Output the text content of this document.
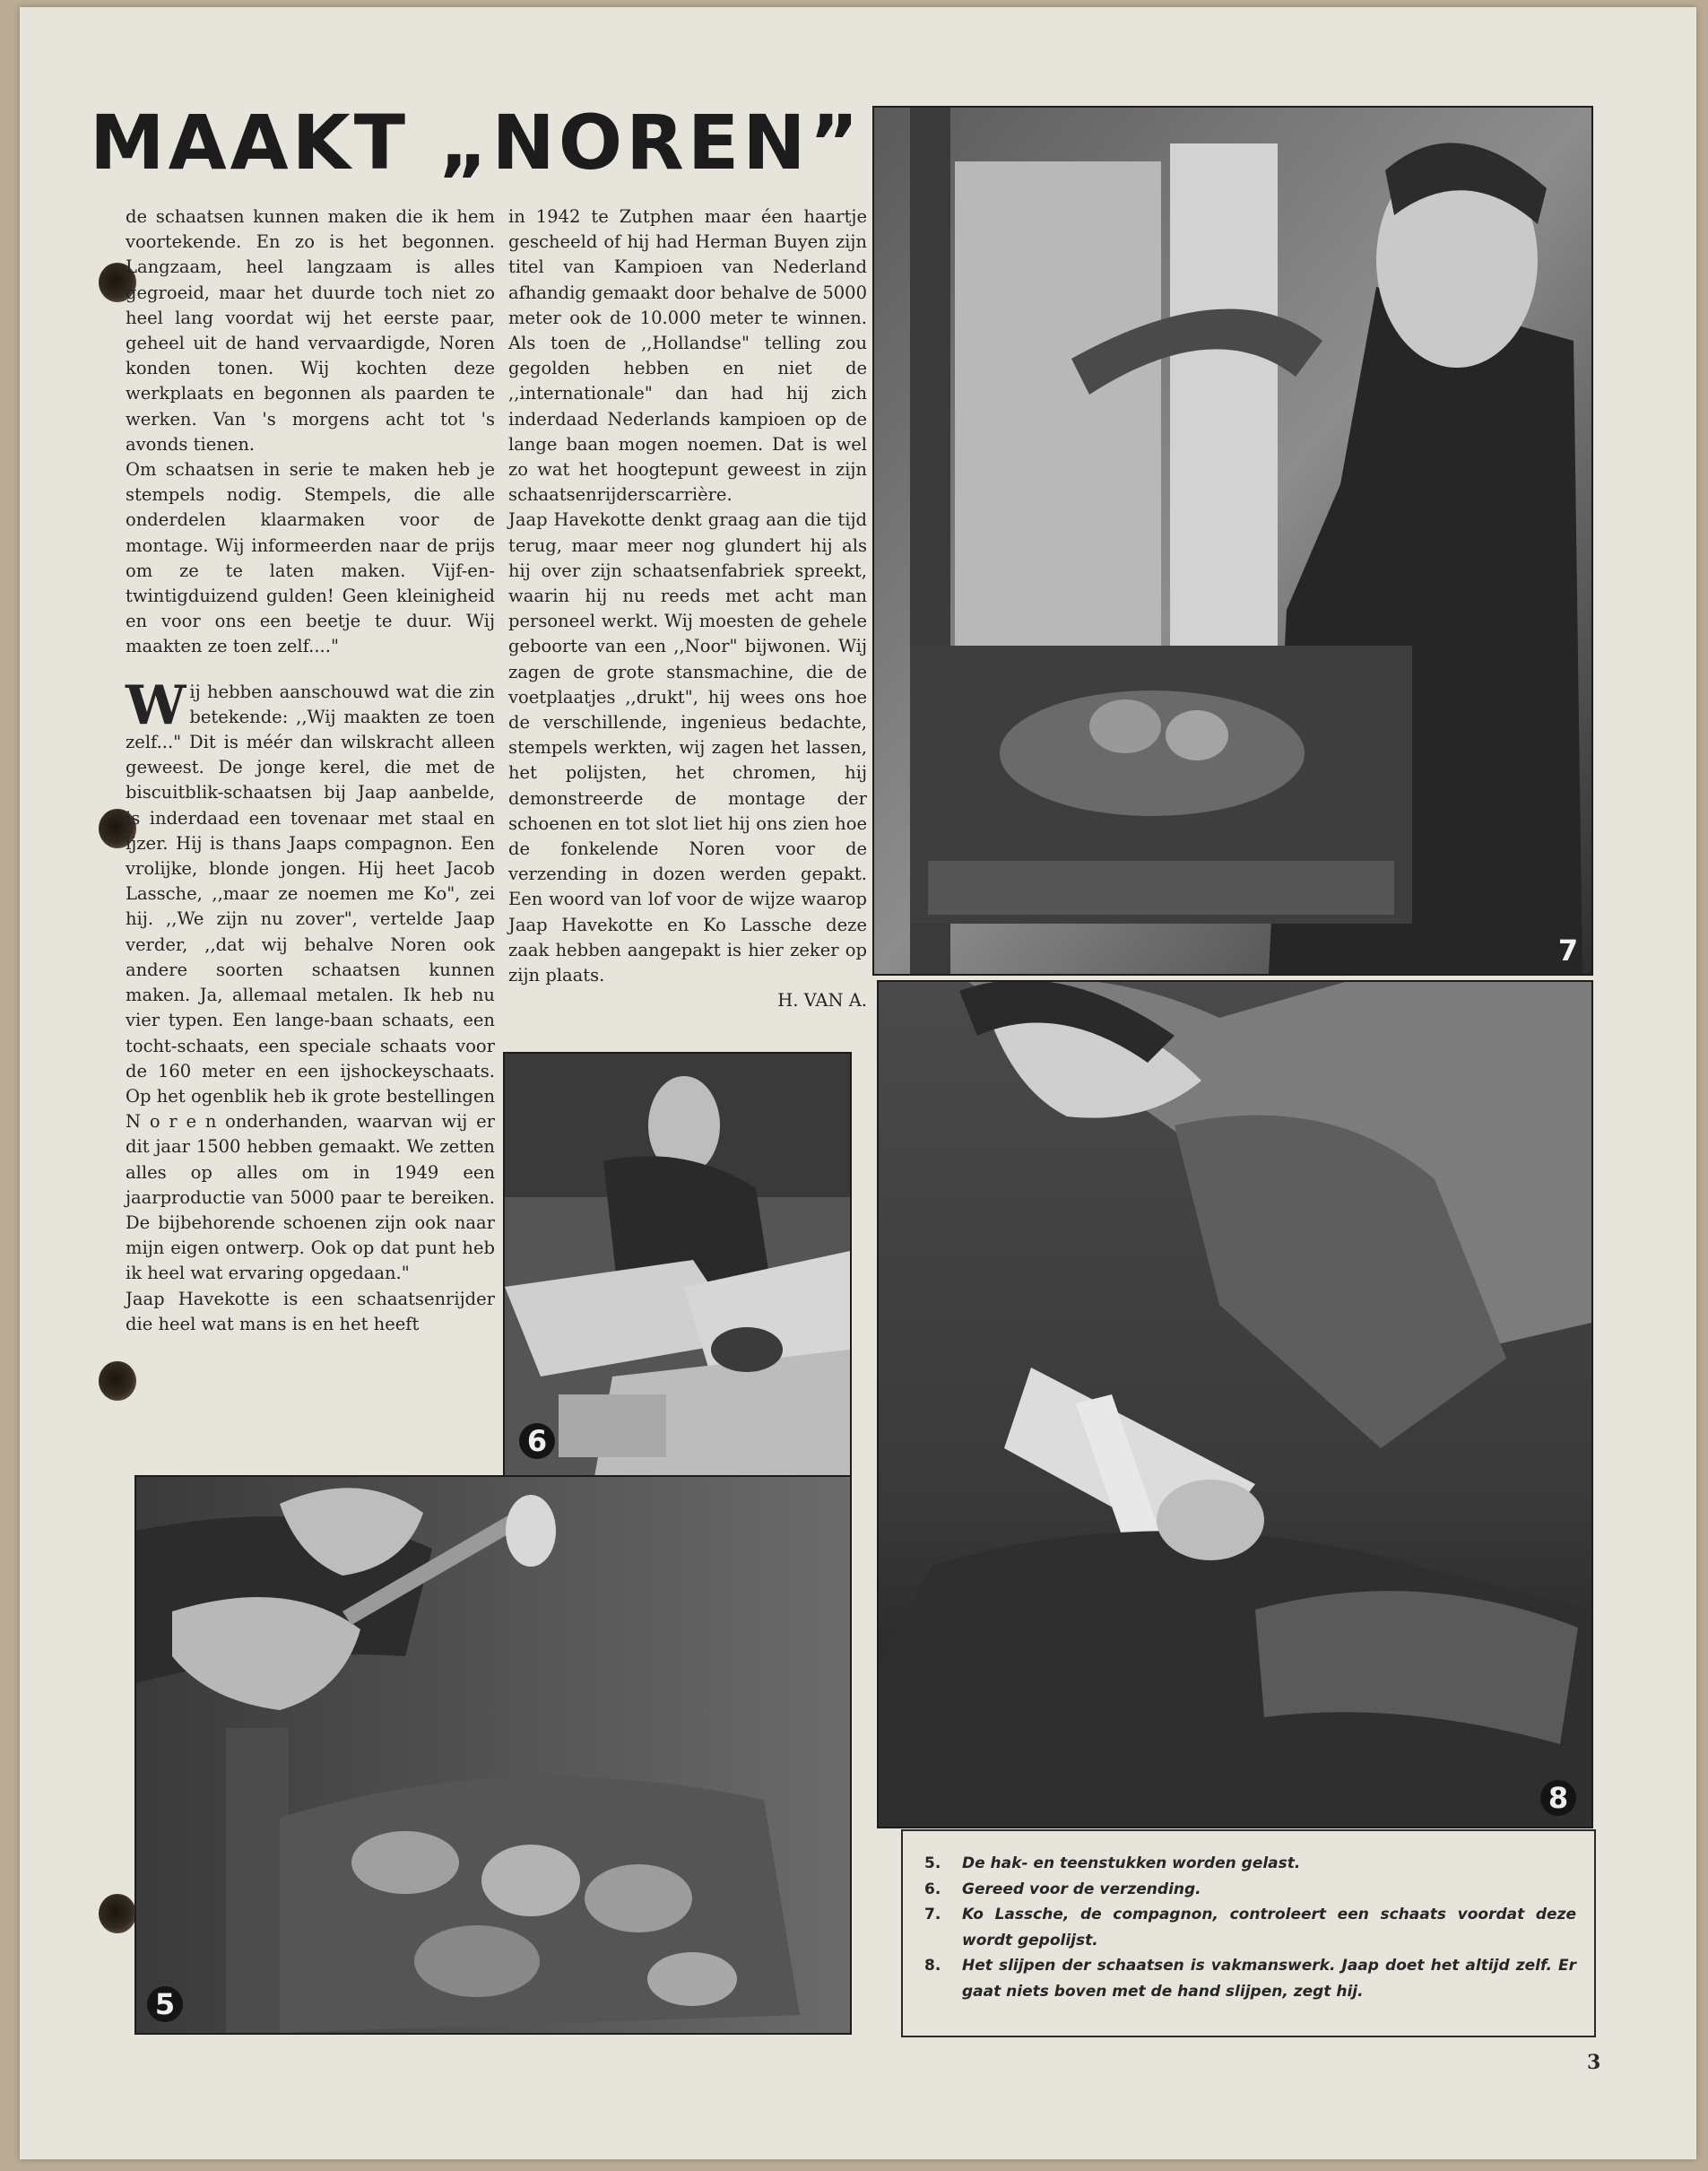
MAAKT „NOREN”

de schaatsen kunnen maken die ik hem voortekende. En zo is het begonnen. Langzaam, heel langzaam is alles gegroeid, maar het duurde toch niet zo heel lang voordat wij het eerste paar, geheel uit de hand vervaardigde, Noren konden tonen. Wij kochten deze werkplaats en begonnen als paarden te werken. Van 's morgens acht tot 's avonds tienen.

Om schaatsen in serie te maken heb je stempels nodig. Stempels, die alle onderdelen klaarmaken voor de montage. Wij informeerden naar de prijs om ze te laten maken. Vijf-en-twintigduizend gulden! Geen kleinigheid en voor ons een beetje te duur. Wij maakten ze toen zelf...."

Wij hebben aanschouwd wat die zin betekende: ,,Wij maakten ze toen zelf..." Dit is méér dan wilskracht alleen geweest. De jonge kerel, die met de biscuitblik-schaatsen bij Jaap aanbelde, is inderdaad een tovenaar met staal en ijzer. Hij is thans Jaaps compagnon. Een vrolijke, blonde jongen. Hij heet Jacob Lassche, ,,maar ze noemen me Ko", zei hij. ,,We zijn nu zover", vertelde Jaap verder, ,,dat wij behalve Noren ook andere soorten schaatsen kunnen maken. Ja, allemaal metalen. Ik heb nu vier typen. Een lange-baan schaats, een tocht-schaats, een speciale schaats voor de 160 meter en een ijshockeyschaats. Op het ogenblik heb ik grote bestellingen N o r e n onderhanden, waarvan wij er dit jaar 1500 hebben gemaakt. We zetten alles op alles om in 1949 een jaarproductie van 5000 paar te bereiken. De bijbehorende schoenen zijn ook naar mijn eigen ontwerp. Ook op dat punt heb ik heel wat ervaring opgedaan."

Jaap Havekotte is een schaatsenrijder die heel wat mans is en het heeft

in 1942 te Zutphen maar éen haartje gescheeld of hij had Herman Buyen zijn titel van Kampioen van Nederland afhandig gemaakt door behalve de 5000 meter ook de 10.000 meter te winnen. Als toen de ,,Hollandse" telling zou gegolden hebben en niet de ,,internationale" dan had hij zich inderdaad Nederlands kampioen op de lange baan mogen noemen. Dat is wel zo wat het hoogtepunt geweest in zijn schaatsenrijderscarrière.

Jaap Havekotte denkt graag aan die tijd terug, maar meer nog glundert hij als hij over zijn schaatsenfabriek spreekt, waarin hij nu reeds met acht man personeel werkt. Wij moesten de gehele geboorte van een ,,Noor" bijwonen. Wij zagen de grote stansmachine, die de voetplaatjes ,,drukt", hij wees ons hoe de verschillende, ingenieus bedachte, stempels werkten, wij zagen het lassen, het polijsten, het chromen, hij demonstreerde de montage der schoenen en tot slot liet hij ons zien hoe de fonkelende Noren voor de verzending in dozen werden gepakt. Een woord van lof voor de wijze waarop Jaap Havekotte en Ko Lassche deze zaak hebben aangepakt is hier zeker op zijn plaats.

H. VAN A.

7
8
6
5
5.	De hak- en teenstukken worden gelast.
6.	Gereed voor de verzending.
7.	Ko Lassche, de compagnon, controleert een schaats voordat deze wordt gepolijst.
8.	Het slijpen der schaatsen is vakmanswerk. Jaap doet het altijd zelf. Er gaat niets boven met de hand slijpen, zegt hij.
3
